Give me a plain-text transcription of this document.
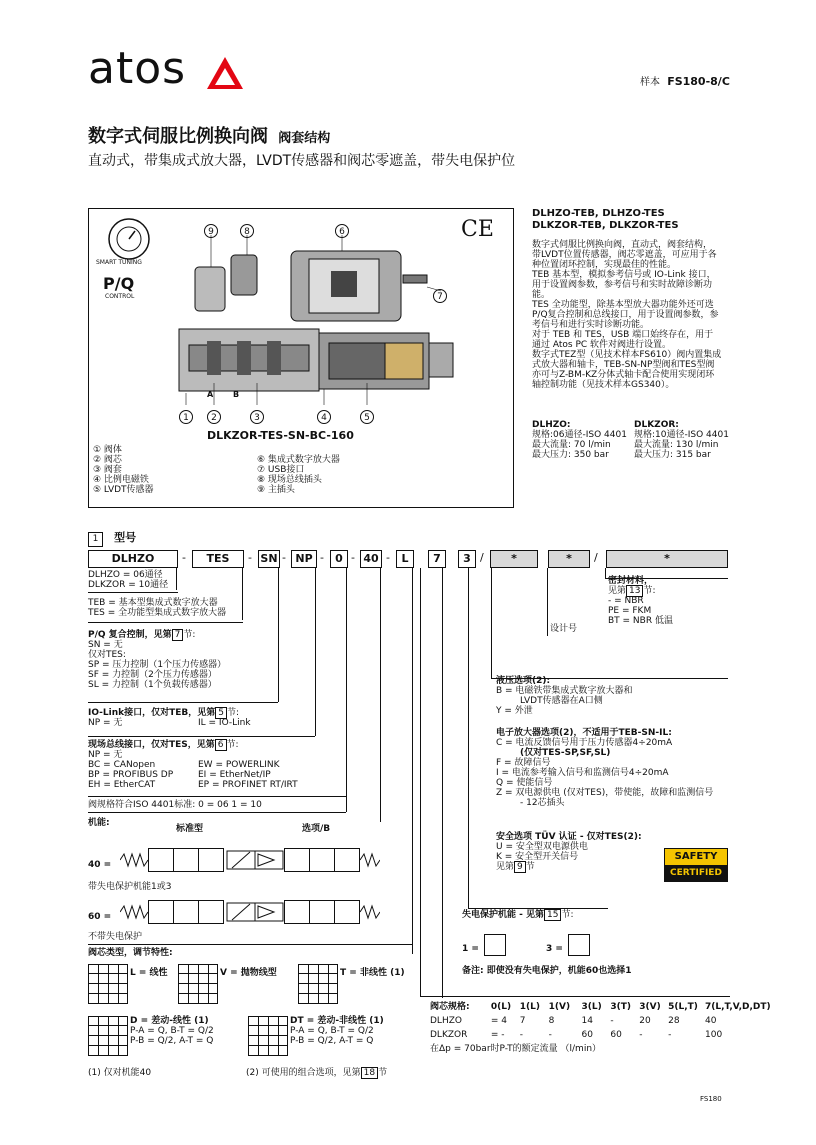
atos	样本 FS180-8/C
数字式伺服比例换向阀 阀套结构
直动式，带集成式放大器，LVDT传感器和阀芯零遮盖，带失电保护位
SMART TUNING
P/Q
CONTROL
CE
9	8	6
7
A B
1	2	3	4	5
DLKZOR-TES-SN-BC-160
① 阀体
② 阀芯
③ 阀套
④ 比例电磁铁
⑤ LVDT传感器
⑥ 集成式数字放大器
⑦ USB接口
⑧ 现场总线插头
⑨ 主插头
DLHZO-TEB, DLHZO-TES
DLKZOR-TEB, DLKZOR-TES
数字式伺服比例换向阀，直动式，阀套结构，
带LVDT位置传感器，阀芯零遮盖，可应用于各
种位置闭环控制，实现最佳的性能。
TEB 基本型，模拟参考信号或 IO-Link 接口，
用于设置阀参数，参考信号和实时故障诊断功
能。
TES 全功能型，除基本型放大器功能外还可选
P/Q复合控制和总线接口，用于设置阀参数，参
考信号和进行实时诊断功能。
对于 TEB 和 TES，USB 端口始终存在，用于
通过 Atos PC 软件对阀进行设置。
数字式TEZ型（见技术样本FS610）阀内置集成
式放大器和轴卡，TEB-SN-NP型阀和TES型阀
亦可与Z-BM-KZ分体式轴卡配合使用实现闭环
轴控制功能（见技术样本GS340）。
DLHZO:
规格:06通径-ISO 4401
最大流量: 70 l/min
最大压力: 350 bar
DLKZOR:
规格:10通径-ISO 4401
最大流量: 130 l/min
最大压力: 315 bar
1 型号
DLHZO	-	TES	- SN - NP -	0 - 40 -	L	7	3 /	*	*	/	*
DLHZO = 06通径
DLKZOR = 10通径
TEB = 基本型集成式数字放大器
TES = 全功能型集成式数字放大器
P/Q 复合控制，见第 7 节:
SN = 无
仅对TES:
SP = 压力控制（1个压力传感器）
SF = 力控制（2个压力传感器）
SL = 力控制（1个负载传感器）
IO-Link接口，仅对TEB，见第 5 节:
NP = 无	IL = IO-Link
现场总线接口，仅对TES，见第 6 节:
NP = 无
BC = CANopen	EW = POWERLINK
BP = PROFIBUS DP	EI = EtherNet/IP
EH = EtherCAT	EP = PROFINET RT/IRT
阀规格符合ISO 4401标准: 0 = 06 1 = 10
机能:
标准型	选项/B
40 =
带失电保护机能1或3
60 =
不带失电保护
阀芯类型，调节特性:
L = 线性	V = 抛物线型	T = 非线性 (1)
D = 差动-线性 (1)
P-A = Q, B-T = Q/2
P-B = Q/2, A-T = Q
DT = 差动-非线性 (1)
P-A = Q, B-T = Q/2
P-B = Q/2, A-T = Q
(1) 仅对机能40	(2) 可使用的组合选项，见第 18 节
密封材料，
见第 13 节:
- = NBR
PE = FKM
BT = NBR 低温
设计号
液压选项(2):
B = 电磁铁带集成式数字放大器和
LVDT传感器在A口侧
Y = 外泄
电子放大器选项(2)，不适用于TEB-SN-IL:
C = 电流反馈信号用于压力传感器4÷20mA
(仅对TES-SP,SF,SL)
F = 故障信号
I = 电流参考输入信号和监测信号4÷20mA
Q = 使能信号
Z = 双电源供电 (仅对TES)，带使能，故障和监测信号
- 12芯插头
安全选项 TÜV 认证 - 仅对TES(2):
U = 安全型双电源供电
K = 安全型开关信号
见第 9 节
SAFETY
CERTIFIED
失电保护机能 - 见第 15 节:
1 =	3 =
备注: 即使没有失电保护，机能60也选择1
阀芯规格: 0(L) 1(L) 1(V) 3(L) 3(T) 3(V) 5(L,T) 7(L,T,V,D,DT)
DLHZO	= 4 7	8	14 -	20 28	40
DLKZOR	= - -	-	60 60 -	-	100
在Δp = 70bar时P-T的额定流量 （l/min）
FS180
